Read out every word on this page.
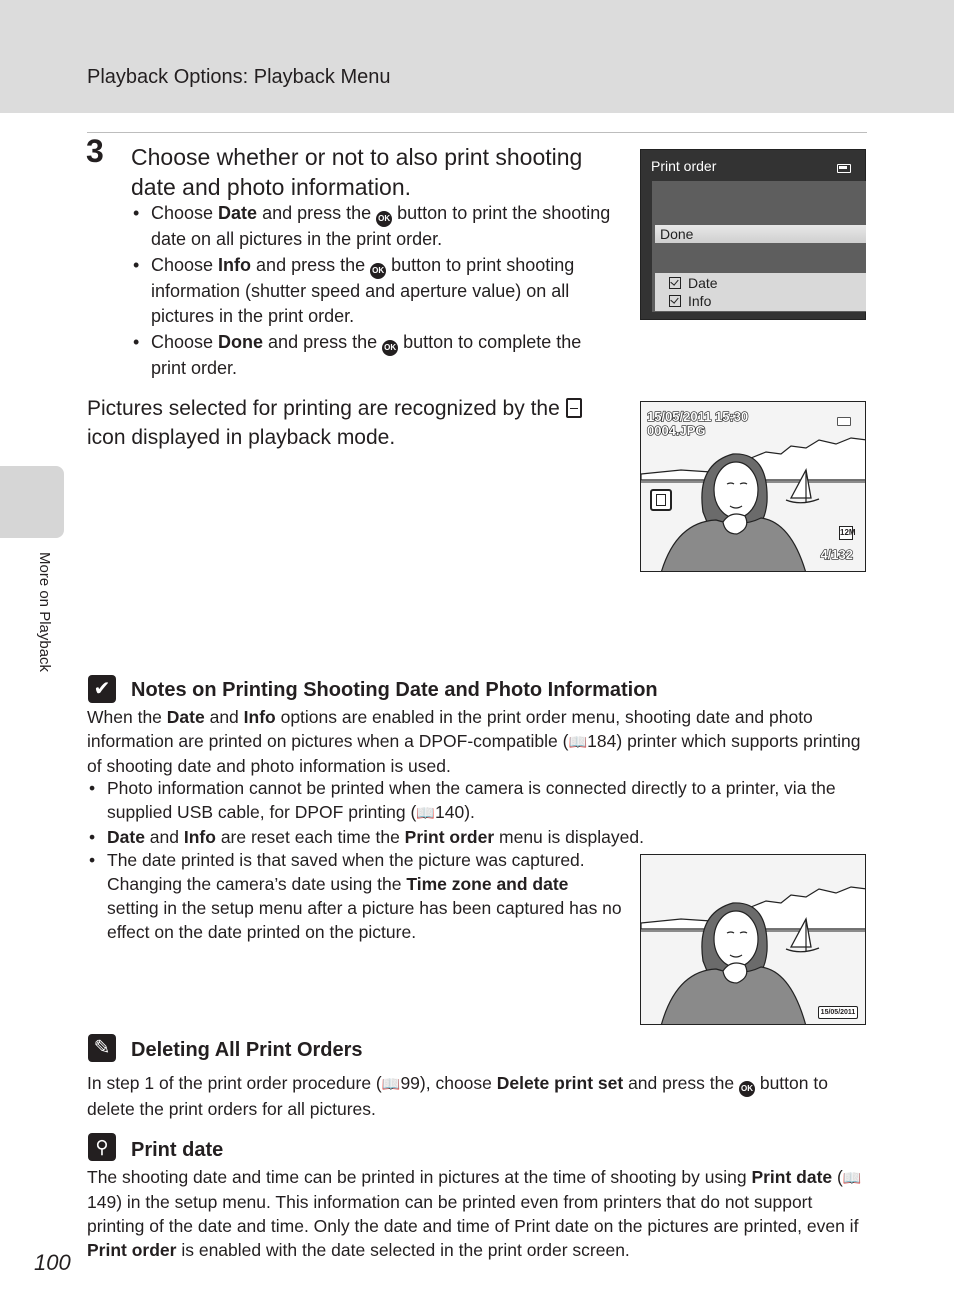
Playback Options: Playback Menu
More on Playback
3 Choose whether or not to also print shooting date and photo information.
• Choose Date and press the OK button to print the shooting date on all pictures in the print order.
• Choose Info and press the OK button to print shooting information (shutter speed and aperture value) on all pictures in the print order.
• Choose Done and press the OK button to complete the print order.
Print order
Done
Date
Info
Pictures selected for printing are recognized by the  icon displayed in playback mode.
15/05/2011 15:30
0004.JPG
12M
4/132
✔ Notes on Printing Shooting Date and Photo Information
When the Date and Info options are enabled in the print order menu, shooting date and photo information are printed on pictures when a DPOF-compatible (📖184) printer which supports printing of shooting date and photo information is used.
• Photo information cannot be printed when the camera is connected directly to a printer, via the supplied USB cable, for DPOF printing (📖140).
• Date and Info are reset each time the Print order menu is displayed.
• The date printed is that saved when the picture was captured. Changing the camera’s date using the Time zone and date setting in the setup menu after a picture has been captured has no effect on the date printed on the picture.
15/05/2011
✎ Deleting All Print Orders
In step 1 of the print order procedure (📖99), choose Delete print set and press the OK button to delete the print orders for all pictures.
⚲	Print date
The shooting date and time can be printed in pictures at the time of shooting by using Print date (📖149) in the setup menu. This information can be printed even from printers that do not support printing of the date and time. Only the date and time of Print date on the pictures are printed, even if Print order is enabled with the date selected in the print order screen.
100
